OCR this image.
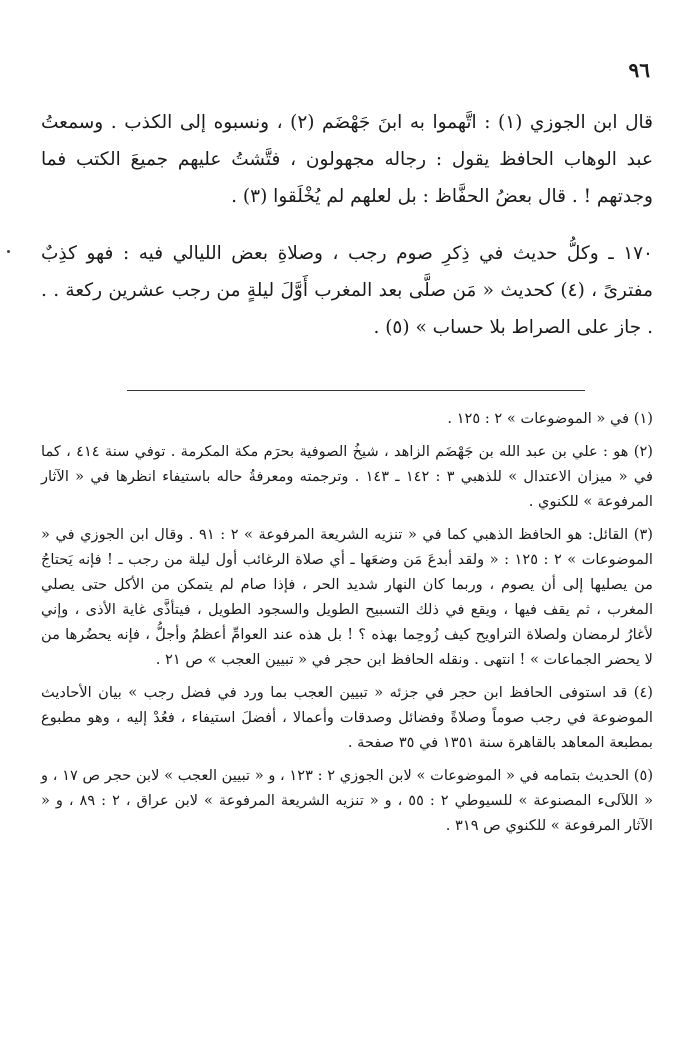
٩٦

قال ابن الجوزي (١) : اتَّهموا به ابنَ جَهْضَم (٢) ، ونسبوه إلى الكذب . وسمعتُ عبد الوهاب الحافظ يقول : رجاله مجهولون ، فتَّشتُ عليهم جميعَ الكتب فما وجدتهم ! . قال بعضُ الحفَّاظ : بل لعلهم لم يُخْلَقوا (٣) .

١٧٠ ـ وكلُّ حديث في ذِكرِ صوم رجب ، وصلاةِ بعض الليالي فيه : فهو كذِبٌ مفترىً ، (٤) كحديث « مَن صلَّى بعد المغرب أَوَّلَ ليلةٍ من رجب عشرين ركعة . . . جاز على الصراط بلا حساب » (٥) .

(١) في « الموضوعات » ٢ : ١٢٥ .

(٢) هو : علي بن عبد الله بن جَهْضَم الزاهد ، شيخُ الصوفية بحرَم مكة المكرمة . توفي سنة ٤١٤ ، كما في « ميزان الاعتدال » للذهبي ٣ : ١٤٢ ـ ١٤٣ . وترجمته ومعرفةُ حاله باستيفاء انظرها في « الآثار المرفوعة » للكنوي .

(٣) القائل: هو الحافظ الذهبي كما في « تنزيه الشريعة المرفوعة » ٢ : ٩١ . وقال ابن الجوزي في « الموضوعات » ٢ : ١٢٥ : « ولقد أبدعَ مَن وضعَها ـ أي صلاة الرغائب أول ليلة من رجب ـ ! فإنه يَحتاجُ من يصليها إلى أن يصوم ، وربما كان النهار شديد الحر ، فإذا صام لم يتمكن من الأكل حتى يصلي المغرب ، ثم يقف فيها ، ويقع في ذلك التسبيح الطويل والسجود الطويل ، فيتأذَّى غاية الأذى ، وإني لأغارُ لرمضان ولصلاة التراويح كيف زُوحِما بهذه ؟ ! بل هذه عند العوامِّ أعظمُ وأجلُّ ، فإنه يحضُرها من لا يحضر الجماعات » ! انتهى . ونقله الحافظ ابن حجر في « تبيين العجب » ص ٢١ .

(٤) قد استوفى الحافظ ابن حجر في جزئه « تبيين العجب بما ورد في فضل رجب » بيان الأحاديث الموضوعة في رجب صوماً وصلاةً وفضائل وصدقات وأعمالا ، أفضلَ استيفاء ، فعُدْ إليه ، وهو مطبوع بمطبعة المعاهد بالقاهرة سنة ١٣٥١ في ٣٥ صفحة .

(٥) الحديث بتمامه في « الموضوعات » لابن الجوزي ٢ : ١٢٣ ، و « تبيين العجب » لابن حجر ص ١٧ ، و « اللآلىء المصنوعة » للسيوطي ٢ : ٥٥ ، و « تنزيه الشريعة المرفوعة » لابن عراق ، ٢ : ٨٩ ، و « الآثار المرفوعة » للكنوي ص ٣١٩ .
